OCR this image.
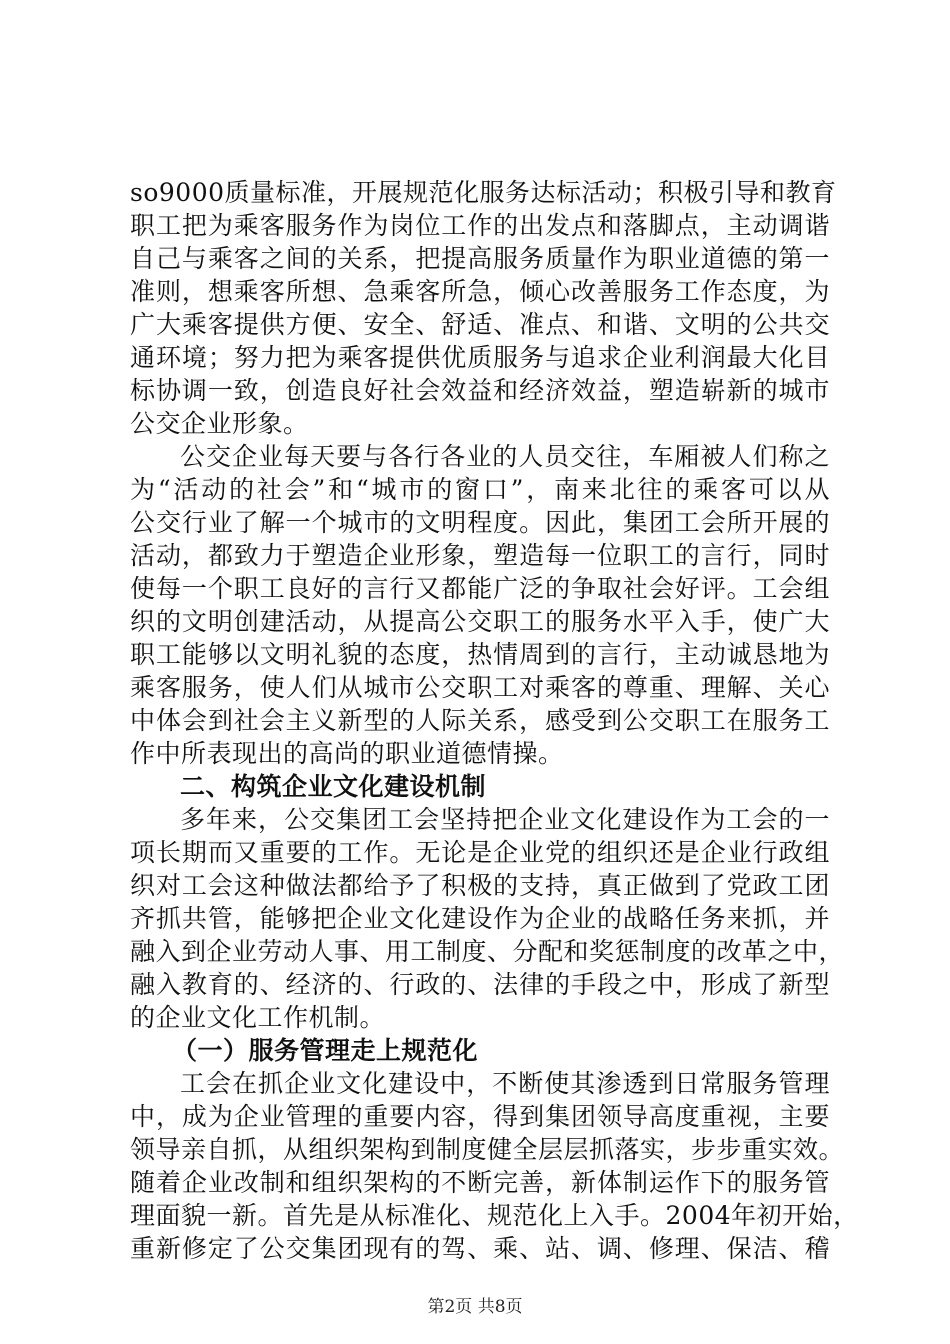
so9000质量标准，开展规范化服务达标活动；积极引导和教育
职工把为乘客服务作为岗位工作的出发点和落脚点，主动调谐
自己与乘客之间的关系，把提高服务质量作为职业道德的第一
准则，想乘客所想、急乘客所急，倾心改善服务工作态度，为
广大乘客提供方便、安全、舒适、准点、和谐、文明的公共交
通环境；努力把为乘客提供优质服务与追求企业利润最大化目
标协调一致，创造良好社会效益和经济效益，塑造崭新的城市
公交企业形象。
公交企业每天要与各行各业的人员交往，车厢被人们称之
为“活动的社会”和“城市的窗口”，南来北往的乘客可以从
公交行业了解一个城市的文明程度。因此，集团工会所开展的
活动，都致力于塑造企业形象，塑造每一位职工的言行，同时
使每一个职工良好的言行又都能广泛的争取社会好评。工会组
织的文明创建活动，从提高公交职工的服务水平入手，使广大
职工能够以文明礼貌的态度，热情周到的言行，主动诚恳地为
乘客服务，使人们从城市公交职工对乘客的尊重、理解、关心
中体会到社会主义新型的人际关系，感受到公交职工在服务工
作中所表现出的高尚的职业道德情操。
二、构筑企业文化建设机制
多年来，公交集团工会坚持把企业文化建设作为工会的一
项长期而又重要的工作。无论是企业党的组织还是企业行政组
织对工会这种做法都给予了积极的支持，真正做到了党政工团
齐抓共管，能够把企业文化建设作为企业的战略任务来抓，并
融入到企业劳动人事、用工制度、分配和奖惩制度的改革之中，
融入教育的、经济的、行政的、法律的手段之中，形成了新型
的企业文化工作机制。
（一）服务管理走上规范化
工会在抓企业文化建设中，不断使其渗透到日常服务管理
中，成为企业管理的重要内容，得到集团领导高度重视，主要
领导亲自抓，从组织架构到制度健全层层抓落实，步步重实效。
随着企业改制和组织架构的不断完善，新体制运作下的服务管
理面貌一新。首先是从标准化、规范化上入手。2004年初开始，
重新修定了公交集团现有的驾、乘、站、调、修理、保洁、稽
第2页 共8页
